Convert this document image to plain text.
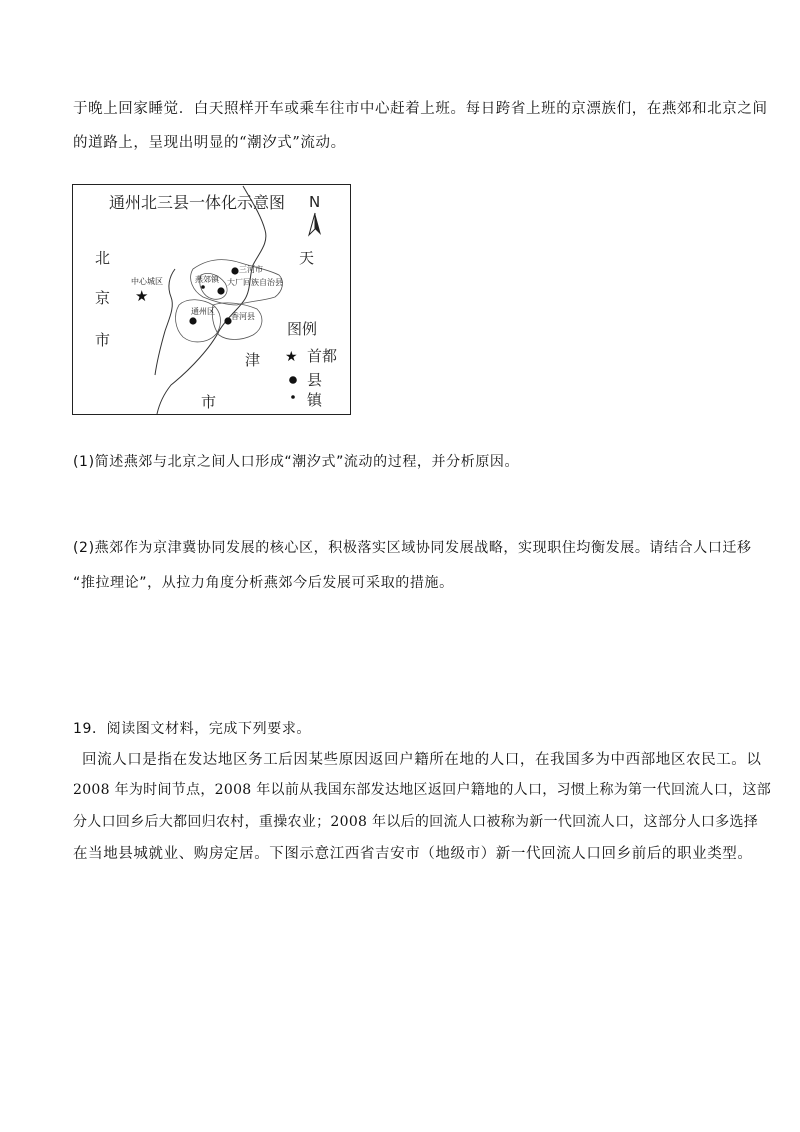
于晚上回家睡觉．白天照样开车或乘车往市中心赶着上班。每日跨省上班的京漂族们，在燕郊和北京之间
的道路上，呈现出明显的“潮汐式”流动。
通州北三县一体化示意图 N
北
京
市
天
津
市
★
中心城区
三河市
燕郊镇 大厂回族自治县
通州区
香河县
图例
★ 首都
县
镇
(1)简述燕郊与北京之间人口形成“潮汐式”流动的过程，并分析原因。
(2)燕郊作为京津冀协同发展的核心区，积极落实区域协同发展战略，实现职住均衡发展。请结合人口迁移
“推拉理论”，从拉力角度分析燕郊今后发展可采取的措施。
19．阅读图文材料，完成下列要求。
回流人口是指在发达地区务工后因某些原因返回户籍所在地的人口，在我国多为中西部地区农民工。以
2008 年为时间节点，2008 年以前从我国东部发达地区返回户籍地的人口，习惯上称为第一代回流人口，这部
分人口回乡后大都回归农村，重操农业；2008 年以后的回流人口被称为新一代回流人口，这部分人口多选择
在当地县城就业、购房定居。下图示意江西省吉安市（地级市）新一代回流人口回乡前后的职业类型。
